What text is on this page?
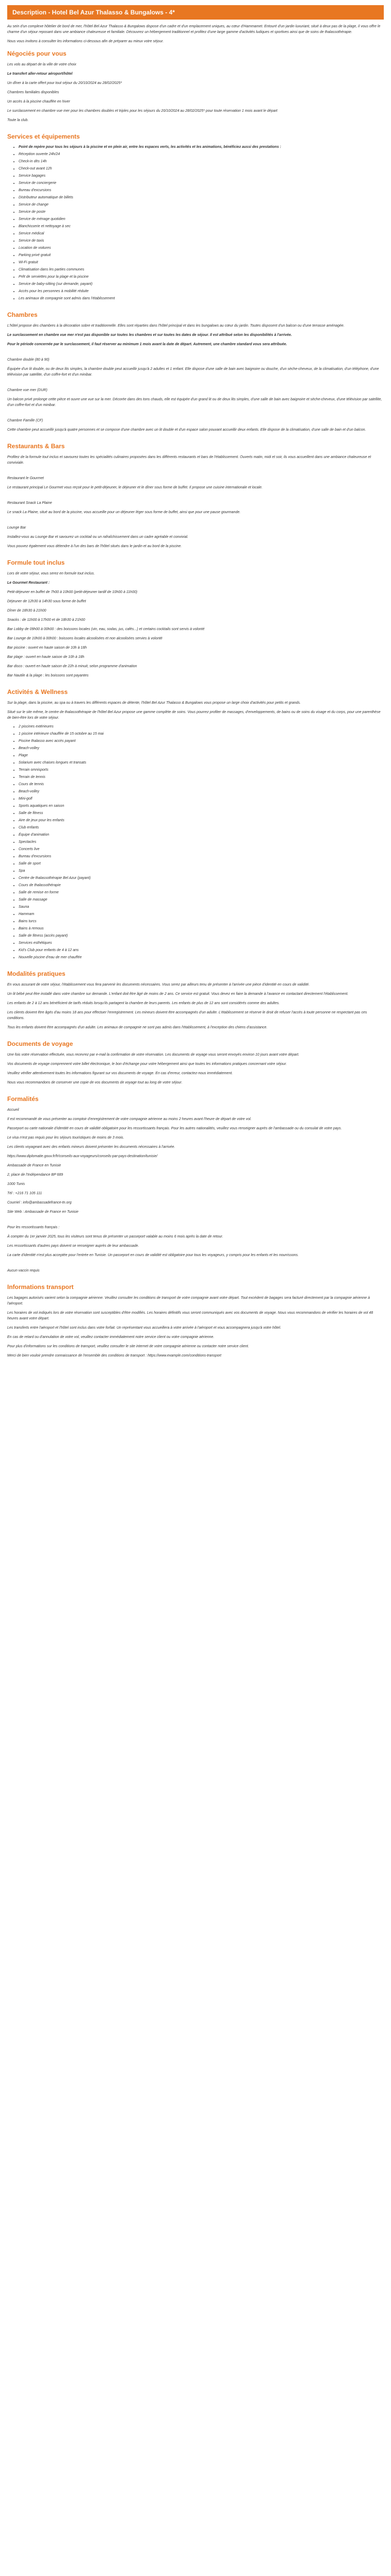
Description - Hotel Bel Azur Thalasso & Bungalows - 4*

Au sein d'un complexe hôtelier de bord de mer, l'hôtel Bel Azur Thalasso & Bungalows dispose d'un cadre et d'un emplacement uniques, au cœur d'Hammamet. Entouré d'un jardin luxuriant, situé à deux pas de la plage, il vous offre le charme d'un séjour reposant dans une ambiance chaleureuse et familiale. Découvrez un hébergement traditionnel et profitez d'une large gamme d'activités ludiques et sportives ainsi que de soins de thalassothérapie.

Nous vous invitons à consulter les informations ci-dessous afin de préparer au mieux votre séjour.

Négociés pour vous

Les vols au départ de la ville de votre choix

Le transfert aller-retour aéroport/hôtel

Un dîner à la carte offert pour tout séjour du 20/10/2024 au 28/02/2025*

Chambres familiales disponibles

Un accès à la piscine chauffée en hiver

Le surclassement en chambre vue mer pour les chambres doubles et triples pour les séjours du 20/10/2024 au 28/02/2025* pour toute réservation 1 mois avant le départ

Toute la club.

Services et équipements
• Point de repère pour tous les séjours à la piscine et en plein air, entre les espaces verts, les activités et les animations, bénéficiez aussi des prestations :
• Réception ouverte 24h/24
• Check-in dès 14h
• Check-out avant 12h
• Service bagages
• Service de conciergerie
• Bureau d'excursions
• Distributeur automatique de billets
• Service de change
• Service de poste
• Service de ménage quotidien
• Blanchisserie et nettoyage à sec
• Service médical
• Service de taxis
• Location de voitures
• Parking privé gratuit
• Wi-Fi gratuit
• Climatisation dans les parties communes
• Prêt de serviettes pour la plage et la piscine
• Service de baby-sitting (sur demande, payant)
• Accès pour les personnes à mobilité réduite
• Les animaux de compagnie sont admis dans l'établissement
Chambres

L'hôtel propose des chambres à la décoration sobre et traditionnelle. Elles sont réparties dans l'hôtel principal et dans les bungalows au cœur du jardin. Toutes disposent d'un balcon ou d'une terrasse aménagée.

Le surclassement en chambre vue mer n'est pas disponible sur toutes les chambres et sur toutes les dates de séjour. Il est attribué selon les disponibilités à l'arrivée.

Pour le période concernée par le surclassement, il faut réserver au minimum 1 mois avant la date de départ. Autrement, une chambre standard vous sera attribuée.

Chambre double (80 à 90)

Équipée d'un lit double, ou de deux lits simples, la chambre double peut accueillir jusqu'à 2 adultes et 1 enfant. Elle dispose d'une salle de bain avec baignoire ou douche, d'un sèche-cheveux, de la climatisation, d'un téléphone, d'une télévision par satellite, d'un coffre-fort et d'un minibar.

Chambre vue mer (DUR)

Un balcon privé prolonge cette pièce et ouvre une vue sur la mer. Décorée dans des tons chauds, elle est équipée d'un grand lit ou de deux lits simples, d'une salle de bain avec baignoire et sèche-cheveux, d'une télévision par satellite, d'un coffre-fort et d'un minibar.

Chambre Famille (CF)

Cette chambre peut accueillir jusqu'à quatre personnes et se compose d'une chambre avec un lit double et d'un espace salon pouvant accueillir deux enfants. Elle dispose de la climatisation, d'une salle de bain et d'un balcon.

Restaurants & Bars

Profitez de la formule tout inclus et savourez toutes les spécialités culinaires proposées dans les différents restaurants et bars de l'établissement. Ouverts matin, midi et soir, ils vous accueillent dans une ambiance chaleureuse et conviviale.

Restaurant le Gourmet

Le restaurant principal Le Gourmet vous reçoit pour le petit-déjeuner, le déjeuner et le dîner sous forme de buffet. Il propose une cuisine internationale et locale.

Restaurant Snack La Plaine

Le snack La Plaine, situé au bord de la piscine, vous accueille pour un déjeuner léger sous forme de buffet, ainsi que pour une pause gourmande.

Lounge Bar

Installez-vous au Lounge Bar et savourez un cocktail ou un rafraîchissement dans un cadre agréable et convivial.

Vous pouvez également vous détendre à l'un des bars de l'hôtel situés dans le jardin et au bord de la piscine.

Formule tout inclus

Lors de votre séjour, vous serez en formule tout inclus.

Le Gourmet Restaurant :

Petit-déjeuner en buffet de 7h00 à 10h00 (petit-déjeuner tardif de 10h00 à 11h00)

Déjeuner de 12h30 à 14h30 sous forme de buffet

Dîner de 18h30 à 21h00

Snacks : de 11h00 à 17h00 et de 18h30 à 21h00

Bar Lobby de 09h00 à 00h00 : des boissons locales (vin, eau, sodas, jus, cafés...) et certains cocktails sont servis à volonté

Bar Lounge de 10h00 à 00h00 : boissons locales alcoolisées et non alcoolisées servies à volonté

Bar piscine : ouvert en haute saison de 10h à 18h

Bar plage : ouvert en haute saison de 10h à 18h

Bar disco : ouvert en haute saison de 22h à minuit, selon programme d'animation

Bar Nautile & la plage : les boissons sont payantes

Activités & Wellness

Sur la plage, dans la piscine, au spa ou à travers les différents espaces de détente, l'hôtel Bel Azur Thalasso & Bungalows vous propose un large choix d'activités pour petits et grands.

Situé sur le site même, le centre de thalassothérapie de l'hôtel Bel Azur propose une gamme complète de soins. Vous pourrez profiter de massages, d'enveloppements, de bains ou de soins du visage et du corps, pour une parenthèse de bien-être lors de votre séjour.

• 2 piscines extérieures
• 1 piscine intérieure chauffée de 15 octobre au 15 mai
• Piscine thalasso avec accès payant
• Beach-volley
• Plage
• Solarium avec chaises longues et transats
• Terrain omnisports
• Terrain de tennis
• Cours de tennis
• Beach-volley
• Mini-golf
• Sports aquatiques en saison
• Salle de fitness
• Aire de jeux pour les enfants
• Club enfants
• Équipe d'animation
• Spectacles
• Concerts live
• Bureau d'excursions
• Salle de sport
• Spa
• Centre de thalassothérapie Bel Azur (payant)
• Cours de thalassothérapie
• Salle de remise en forme
• Salle de massage
• Sauna
• Hammam
• Bains turcs
• Bains à remous
• Salle de fitness (accès payant)
• Services esthétiques
• Kid's Club pour enfants de 4 à 12 ans
• Nouvelle piscine d'eau de mer chauffée
Modalités pratiques

En vous assurant de votre séjour, l'établissement vous fera parvenir les documents nécessaires. Vous serez par ailleurs tenu de présenter à l'arrivée une pièce d'identité en cours de validité.

Un lit bébé peut être installé dans votre chambre sur demande. L'enfant doit être âgé de moins de 2 ans. Ce service est gratuit. Vous devez en faire la demande à l'avance en contactant directement l'établissement.

Les enfants de 2 à 12 ans bénéficient de tarifs réduits lorsqu'ils partagent la chambre de leurs parents. Les enfants de plus de 12 ans sont considérés comme des adultes.

Les clients doivent être âgés d'au moins 18 ans pour effectuer l'enregistrement. Les mineurs doivent être accompagnés d'un adulte. L'établissement se réserve le droit de refuser l'accès à toute personne ne respectant pas ces conditions.

Tous les enfants doivent être accompagnés d'un adulte. Les animaux de compagnie ne sont pas admis dans l'établissement, à l'exception des chiens d'assistance.

Documents de voyage

Une fois votre réservation effectuée, vous recevrez par e-mail la confirmation de votre réservation. Les documents de voyage vous seront envoyés environ 10 jours avant votre départ.

Vos documents de voyage comprennent votre billet électronique, le bon d'échange pour votre hébergement ainsi que toutes les informations pratiques concernant votre séjour.

Veuillez vérifier attentivement toutes les informations figurant sur vos documents de voyage. En cas d'erreur, contactez-nous immédiatement.

Nous vous recommandons de conserver une copie de vos documents de voyage tout au long de votre séjour.

Formalités

Accueil

Il est recommandé de vous présenter au comptoir d'enregistrement de votre compagnie aérienne au moins 2 heures avant l'heure de départ de votre vol.

Passeport ou carte nationale d'identité en cours de validité obligatoire pour les ressortissants français. Pour les autres nationalités, veuillez vous renseigner auprès de l'ambassade ou du consulat de votre pays.

Le visa n'est pas requis pour les séjours touristiques de moins de 3 mois.

Les clients voyageant avec des enfants mineurs doivent présenter les documents nécessaires à l'arrivée.

https://www.diplomatie.gouv.fr/fr/conseils-aux-voyageurs/conseils-par-pays-destination/tunisie/

Ambassade de France en Tunisie

2, place de l'Indépendance BP 689

1000 Tunis

Tél : +216 71 105 111

Courriel : info@ambassadefrance-tn.org

Site Web : Ambassade de France en Tunisie

Pour les ressortissants français :

À compter du 1er janvier 2025, tous les visiteurs sont tenus de présenter un passeport valable au moins 6 mois après la date de retour.

Les ressortissants d'autres pays doivent se renseigner auprès de leur ambassade.

La carte d'identité n'est plus acceptée pour l'entrée en Tunisie. Un passeport en cours de validité est obligatoire pour tous les voyageurs, y compris pour les enfants et les nourrissons.

Aucun vaccin requis

Informations transport

Les bagages autorisés varient selon la compagnie aérienne. Veuillez consulter les conditions de transport de votre compagnie avant votre départ. Tout excédent de bagages sera facturé directement par la compagnie aérienne à l'aéroport.

Les horaires de vol indiqués lors de votre réservation sont susceptibles d'être modifiés. Les horaires définitifs vous seront communiqués avec vos documents de voyage. Nous vous recommandons de vérifier les horaires de vol 48 heures avant votre départ.

Les transferts entre l'aéroport et l'hôtel sont inclus dans votre forfait. Un représentant vous accueillera à votre arrivée à l'aéroport et vous accompagnera jusqu'à votre hôtel.

En cas de retard ou d'annulation de votre vol, veuillez contacter immédiatement notre service client ou votre compagnie aérienne.

Pour plus d'informations sur les conditions de transport, veuillez consulter le site internet de votre compagnie aérienne ou contacter notre service client.

Merci de bien vouloir prendre connaissance de l'ensemble des conditions de transport : https://www.example.com/conditions-transport
